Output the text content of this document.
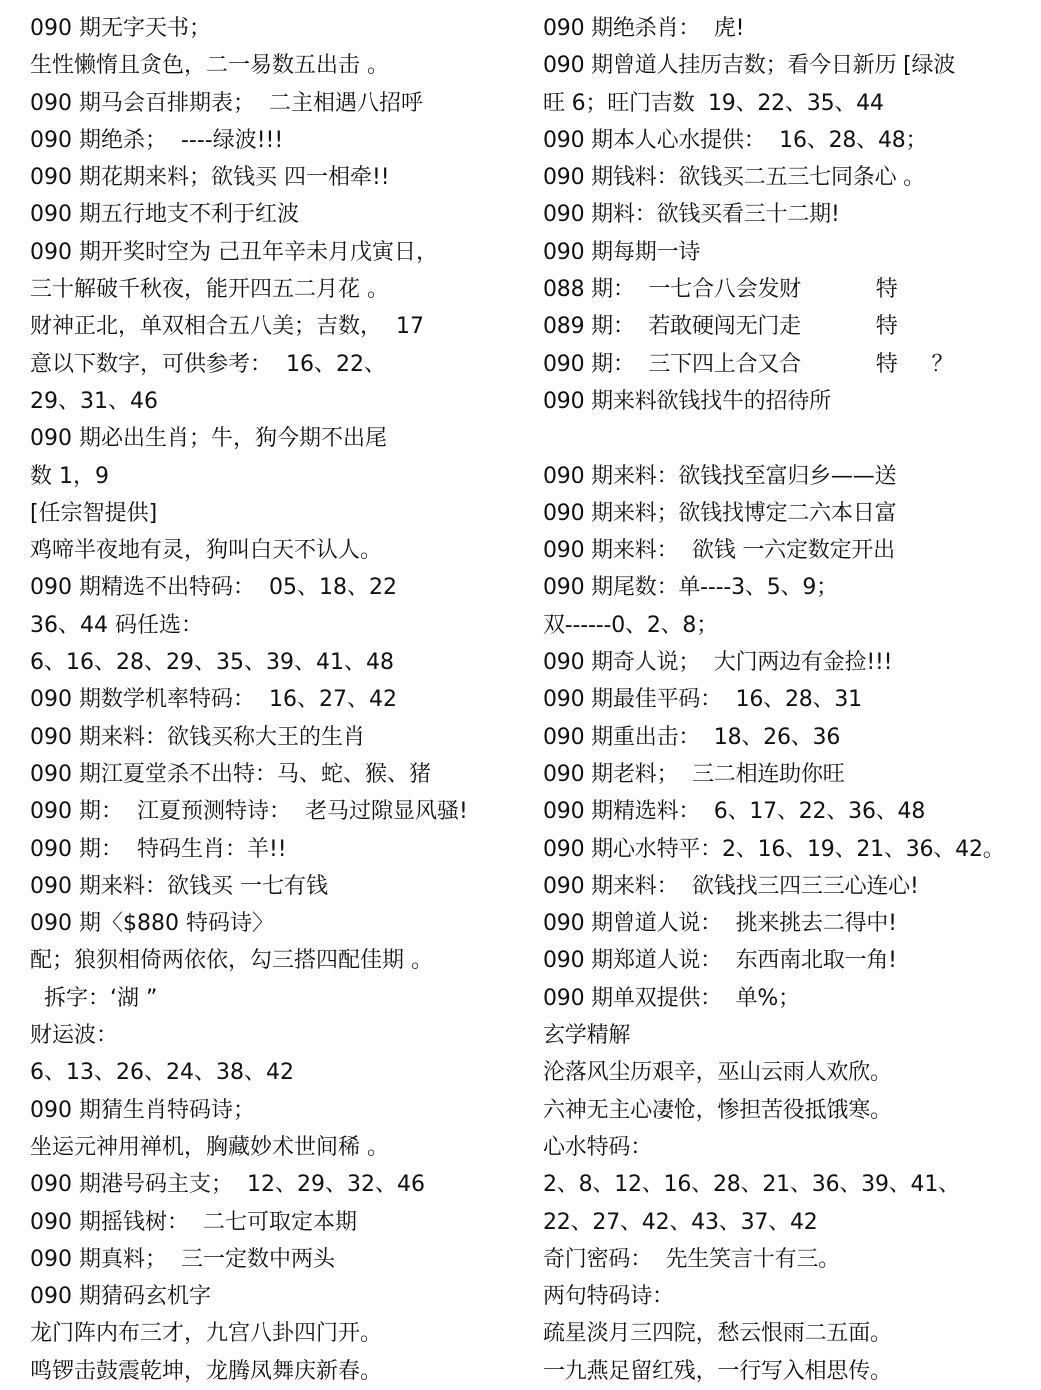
090 期无字天书；
生性懒惰且贪色，二一易数五出击 。
090 期马会百排期表；  二主相遇八招呼
090 期绝杀；  ----绿波!!!
090 期花期来料；欲钱买 四一相牵!!
090 期五行地支不利于红波
090 期开奖时空为 己丑年辛未月戊寅日，
三十解破千秋夜，能开四五二月花 。
财神正北，单双相合五八美；吉数，  17
意以下数字，可供参考：  16、22、
29、31、46
090 期必出生肖；牛，狗今期不出尾
数 1，9
[任宗智提供]
鸡啼半夜地有灵，狗叫白天不认人。
090 期精选不出特码：  05、18、22
36、44 码任选：
6、16、28、29、35、39、41、48
090 期数学机率特码：  16、27、42
090 期来料：欲钱买称大王的生肖
090 期江夏堂杀不出特：马、蛇、猴、猪
090 期：  江夏预测特诗：  老马过隙显风骚!
090 期：  特码生肖：羊!!
090 期来料：欲钱买 一七有钱
090 期〈$880 特码诗〉
配；狼狈相倚两依依，勾三搭四配佳期 。
拆字：‘湖 ”
财运波：
6、13、26、24、38、42
090 期猜生肖特码诗；
坐运元神用禅机，胸藏妙术世间稀 。
090 期港号码主支；  12、29、32、46
090 期摇钱树：  二七可取定本期
090 期真料；  三一定数中两头
090 期猜码玄机字
龙门阵内布三才，九宫八卦四门开。
鸣锣击鼓震乾坤，龙腾凤舞庆新春。
090 期绝杀肖：  虎!
090 期曾道人挂历吉数；看今日新历 [绿波
旺 6；旺门吉数  19、22、35、44
090 期本人心水提供：  16、28、48；
090 期钱料：欲钱买二五三七同条心 。
090 期料：欲钱买看三十二期!
090 期每期一诗
088 期：  一七合八会发财           特
089 期：  若敢硬闯无门走           特
090 期：  三下四上合又合           特     ？
090 期来料欲钱找牛的招待所
090 期来料：欲钱找至富归乡——送
090 期来料；欲钱找博定二六本日富
090 期来料：  欲钱 一六定数定开出
090 期尾数：单----3、5、9；
双------0、2、8；
090 期奇人说；  大门两边有金捡!!!
090 期最佳平码：  16、28、31
090 期重出击：  18、26、36
090 期老料；  三二相连助你旺
090 期精选料：  6、17、22、36、48
090 期心水特平：2、16、19、21、36、42。
090 期来料：  欲钱找三四三三心连心!
090 期曾道人说：  挑来挑去二得中!
090 期郑道人说：  东西南北取一角!
090 期单双提供：  单%；
玄学精解
沦落风尘历艰辛，巫山云雨人欢欣。
六神无主心凄怆，惨担苦役抵饿寒。
心水特码：
2、8、12、16、28、21、36、39、41、
22、27、42、43、37、42
奇门密码：  先生笑言十有三。
两句特码诗：
疏星淡月三四院，愁云恨雨二五面。
一九燕足留红残，一行写入相思传。
